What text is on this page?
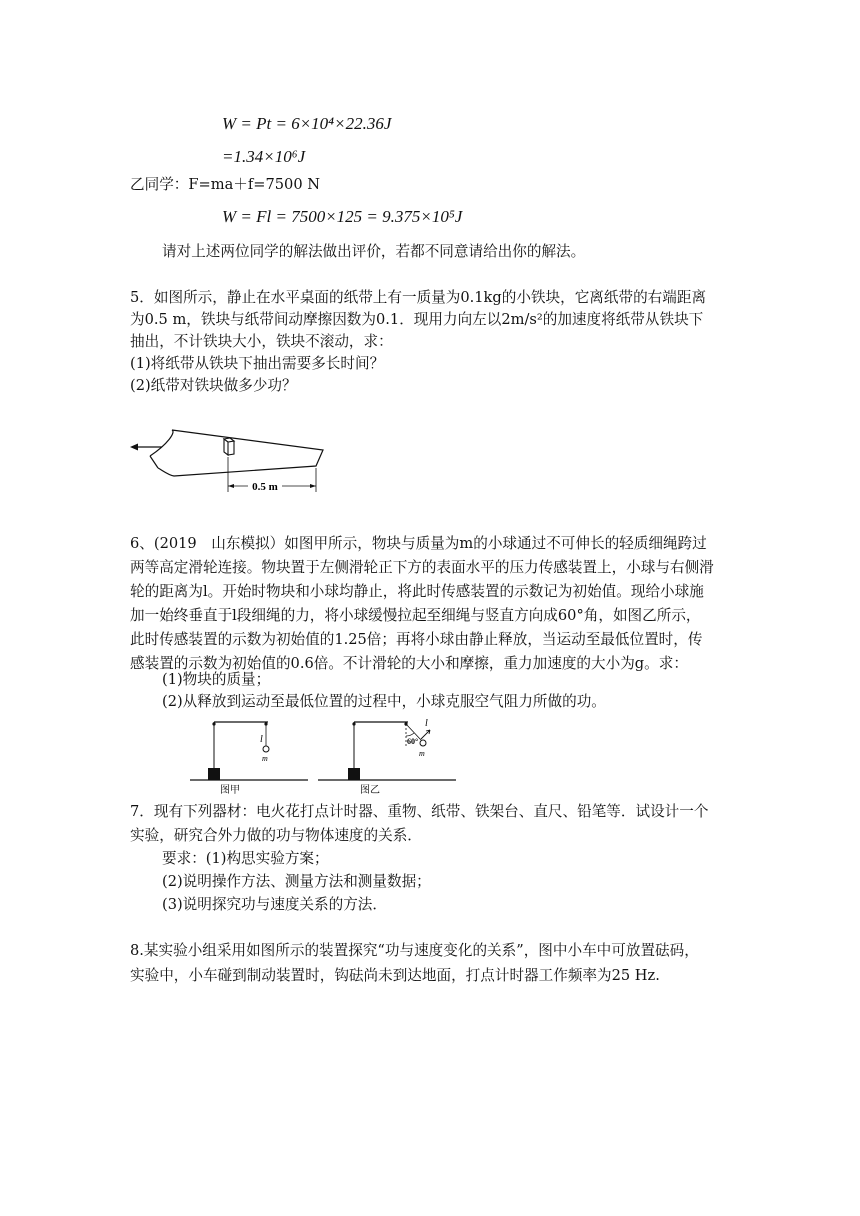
W = Pt = 6×10⁴×22.36J
=1.34×10⁶J
乙同学：F=ma＋f=7500 N
W = Fl = 7500×125 = 9.375×10⁵J
请对上述两位同学的解法做出评价，若都不同意请给出你的解法。
5．如图所示，静止在水平桌面的纸带上有一质量为0.1kg的小铁块，它离纸带的右端距离
为0.5 m，铁块与纸带间动摩擦因数为0.1．现用力向左以2m/s²的加速度将纸带从铁块下
抽出，不计铁块大小，铁块不滚动，求：
(1)将纸带从铁块下抽出需要多长时间？
(2)纸带对铁块做多少功？
0.5 m
6、(2019　山东模拟）如图甲所示，物块与质量为m的小球通过不可伸长的轻质细绳跨过
两等高定滑轮连接。物块置于左侧滑轮正下方的表面水平的压力传感装置上，小球与右侧滑
轮的距离为l。开始时物块和小球均静止，将此时传感装置的示数记为初始值。现给小球施
加一始终垂直于l段细绳的力，将小球缓慢拉起至细绳与竖直方向成60°角，如图乙所示，
此时传感装置的示数为初始值的1.25倍；再将小球由静止释放，当运动至最低位置时，传
感装置的示数为初始值的0.6倍。不计滑轮的大小和摩擦，重力加速度的大小为g。求：
(1)物块的质量；
(2)从释放到运动至最低位置的过程中，小球克服空气阻力所做的功。
l
m
图甲
l
60°
m
图乙
7．现有下列器材：电火花打点计时器、重物、纸带、铁架台、直尺、铅笔等．试设计一个
实验，研究合外力做的功与物体速度的关系．
要求：(1)构思实验方案；
(2)说明操作方法、测量方法和测量数据；
(3)说明探究功与速度关系的方法．
8.某实验小组采用如图所示的装置探究“功与速度变化的关系”，图中小车中可放置砝码，
实验中，小车碰到制动装置时，钩砝尚未到达地面，打点计时器工作频率为25 Hz.
